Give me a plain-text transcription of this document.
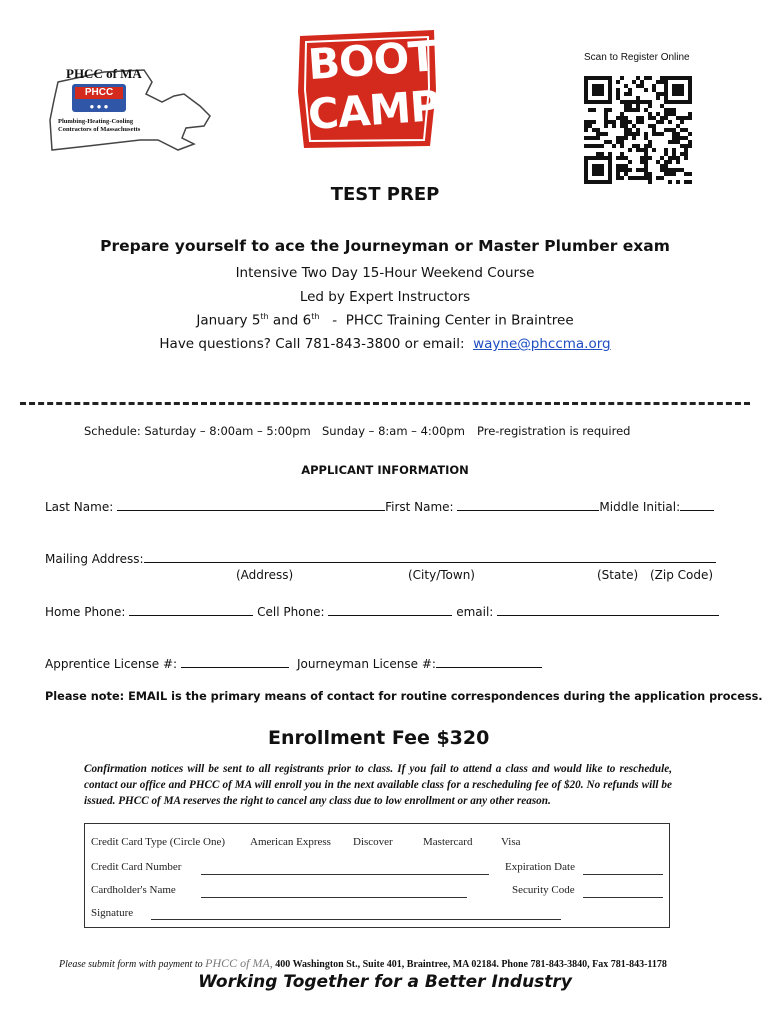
PHCC of MA
PHCC
● ● ●
Plumbing-Heating-Cooling
Contractors of Massachusetts
BOOT
CAMP
Scan to Register Online
TEST PREP
Prepare yourself to ace the Journeyman or Master Plumber exam
Intensive Two Day 15-Hour Weekend Course
Led by Expert Instructors
January 5th and 6th   -  PHCC Training Center in Braintree
Have questions? Call 781-843-3800 or email:  wayne@phccma.org
Schedule: Saturday – 8:00am – 5:00pm Sunday – 8:am – 4:00pm Pre-registration is required
APPLICANT INFORMATION
Last Name:	First Name:	Middle Initial:
Mailing Address:
(Address)	(City/Town)	(State) (Zip Code)
Home Phone:	Cell Phone:	email:
Apprentice License #:	Journeyman License #:
Please note: EMAIL is the primary means of contact for routine correspondences during the application process.
Enrollment Fee $320
Confirmation notices will be sent to all registrants prior to class. If you fail to attend a class and would like to reschedule, contact our office and PHCC of MA will enroll you in the next available class for a rescheduling fee of $20. No refunds will be issued. PHCC of MA reserves the right to cancel any class due to low enrollment or any other reason.
Credit Card Type (Circle One) American Express Discover	Mastercard	Visa
Credit Card Number	Expiration Date
Cardholder's Name	Security Code
Signature
Please submit form with payment to PHCC of MA, 400 Washington St., Suite 401, Braintree, MA 02184. Phone 781-843-3840, Fax 781-843-1178
Working Together for a Better Industry
